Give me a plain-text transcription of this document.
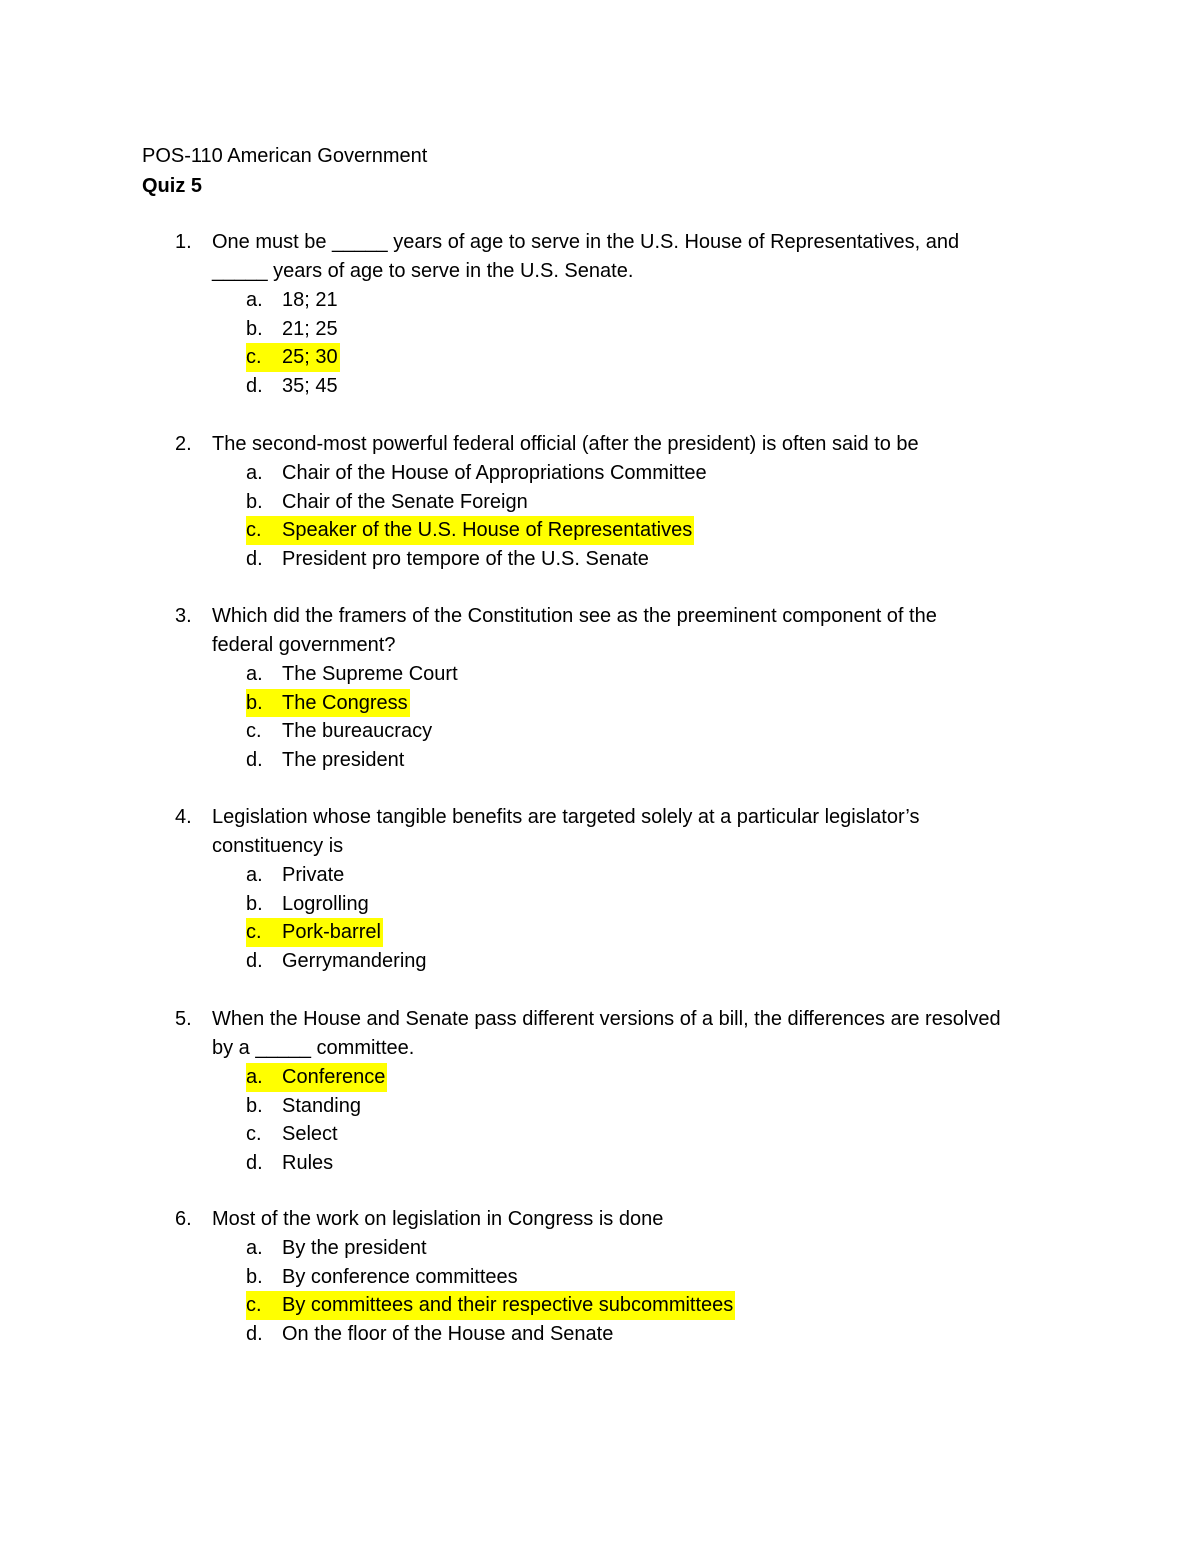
POS-110 American Government
Quiz 5
1. One must be _____ years of age to serve in the U.S. House of Representatives, and
_____ years of age to serve in the U.S. Senate.
a. 18; 21
b. 21; 25
c. 25; 30
d. 35; 45
2. The second-most powerful federal official (after the president) is often said to be
a. Chair of the House of Appropriations Committee
b. Chair of the Senate Foreign
c. Speaker of the U.S. House of Representatives
d. President pro tempore of the U.S. Senate
3. Which did the framers of the Constitution see as the preeminent component of the
federal government?
a. The Supreme Court
b. The Congress
c. The bureaucracy
d. The president
4. Legislation whose tangible benefits are targeted solely at a particular legislator’s
constituency is
a. Private
b. Logrolling
c. Pork-barrel
d. Gerrymandering
5. When the House and Senate pass different versions of a bill, the differences are resolved
by a _____ committee.
a. Conference
b. Standing
c. Select
d. Rules
6. Most of the work on legislation in Congress is done
a. By the president
b. By conference committees
c. By committees and their respective subcommittees
d. On the floor of the House and Senate
